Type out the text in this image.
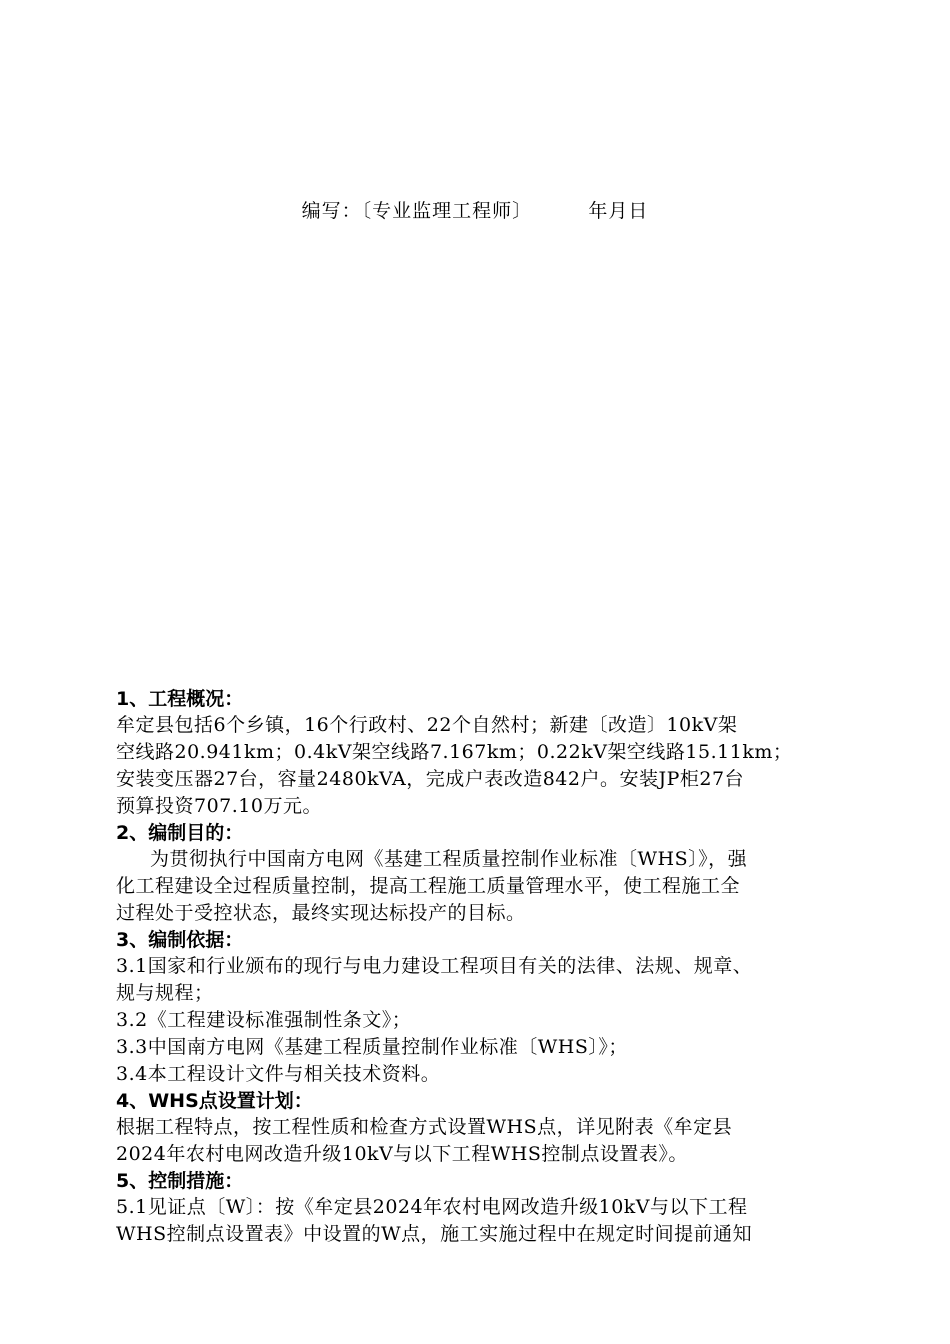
编写：〔专业监理工程师〕        年月日
1、工程概况：
牟定县包括6个乡镇，16个行政村、22个自然村；新建〔改造〕10kV架
空线路20.941km；0.4kV架空线路7.167km；0.22kV架空线路15.11km；
安装变压器27台，容量2480kVA，完成户表改造842户。安装JP柜27台
预算投资707.10万元。
2、编制目的：
为贯彻执行中国南方电网《基建工程质量控制作业标准〔WHS〕》，强
化工程建设全过程质量控制，提高工程施工质量管理水平，使工程施工全
过程处于受控状态，最终实现达标投产的目标。
3、编制依据：
3.1国家和行业颁布的现行与电力建设工程项目有关的法律、法规、规章、
规与规程；
3.2《工程建设标准强制性条文》；
3.3中国南方电网《基建工程质量控制作业标准〔WHS〕》；
3.4本工程设计文件与相关技术资料。
4、WHS点设置计划：
根据工程特点，按工程性质和检查方式设置WHS点，详见附表《牟定县
2024年农村电网改造升级10kV与以下工程WHS控制点设置表》。
5、控制措施：
5.1见证点〔W〕：按《牟定县2024年农村电网改造升级10kV与以下工程
WHS控制点设置表》中设置的W点，施工实施过程中在规定时间提前通知
